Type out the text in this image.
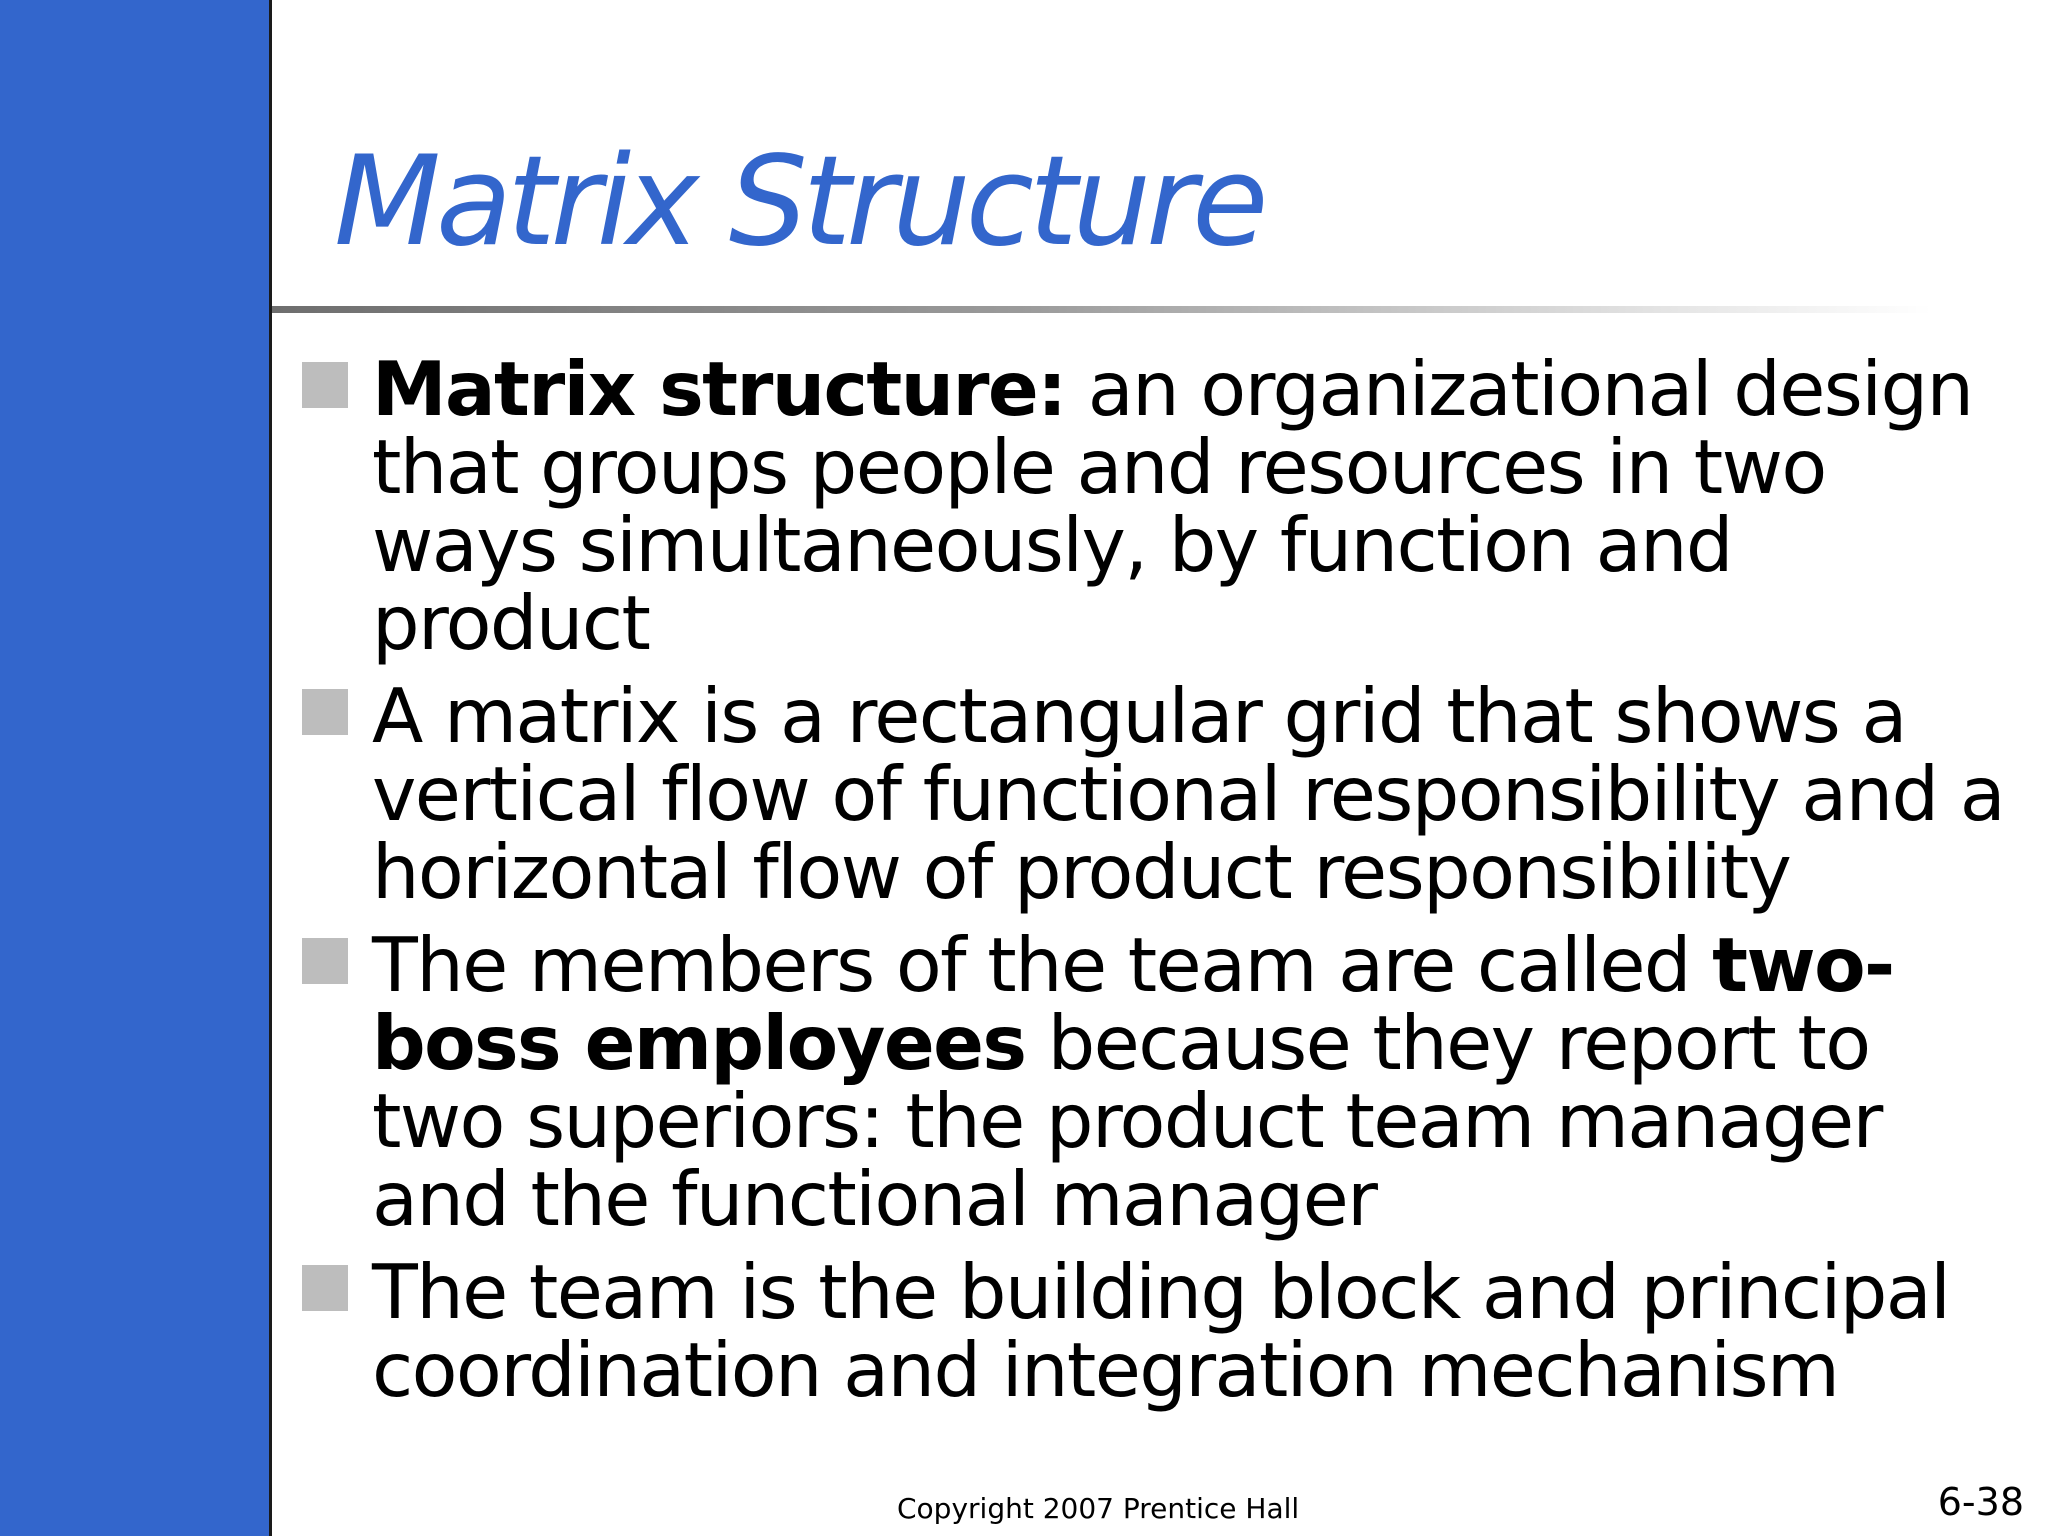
Matrix Structure
Matrix structure: an organizational design that groups people and resources in two ways simultaneously, by function and product
A matrix is a rectangular grid that shows a vertical flow of functional responsibility and a horizontal flow of product responsibility
The members of the team are called two-boss employees because they report to two superiors: the product team manager and the functional manager
The team is the building block and principal coordination and integration mechanism
Copyright 2007 Prentice Hall	6-38
